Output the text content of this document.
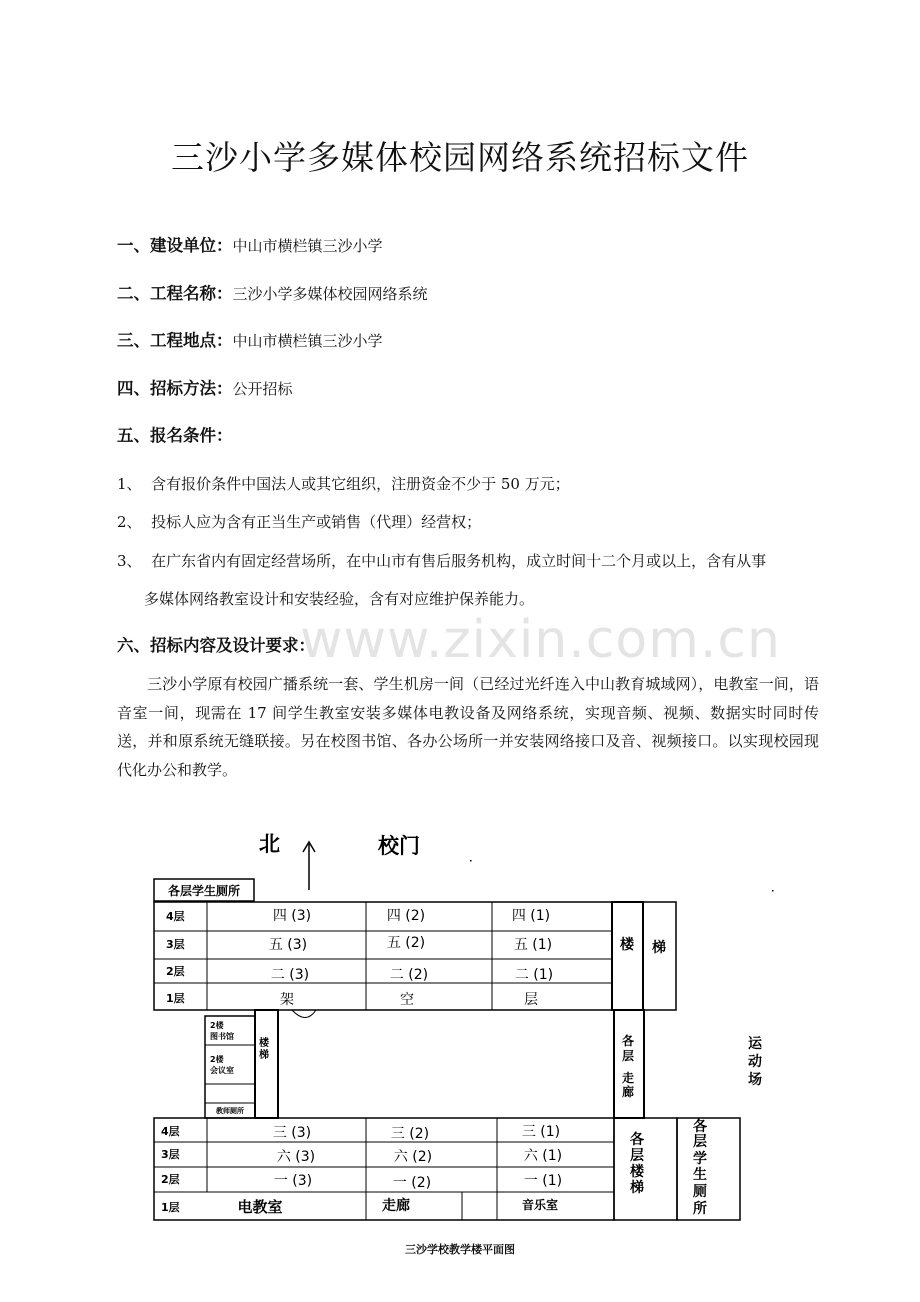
三沙小学多媒体校园网络系统招标文件
一、建设单位：中山市横栏镇三沙小学
二、工程名称：三沙小学多媒体校园网络系统
三、工程地点：中山市横栏镇三沙小学
四、招标方法：公开招标
五、报名条件：
1、 含有报价条件中国法人或其它组织，注册资金不少于 50 万元；
2、 投标人应为含有正当生产或销售（代理）经营权；
3、 在广东省内有固定经营场所，在中山市有售后服务机构，成立时间十二个月或以上，含有从事
多媒体网络教室设计和安装经验，含有对应维护保养能力。
www.zixin.com.cn
六、招标内容及设计要求：
三沙小学原有校园广播系统一套、学生机房一间（已经过光纤连入中山教育城域网），电教室一间，语音室一间，现需在 17 间学生教室安装多媒体电教设备及网络系统，实现音频、视频、数据实时同时传送，并和原系统无缝联接。另在校图书馆、各办公场所一并安装网络接口及音、视频接口。以实现校园现代化办公和教学。
北	校门
各层学生厕所
4层
3层
2层
1层
四 (3)	四 (2)	四 (1)
五 (3)	五 (2)	五 (1)
二 (3)	二 (2)	二 (1)
架	空	层
楼 梯
2楼
图书馆
2楼
会议室
教师厕所
楼
梯
各
层
走
廊
运
动
场
4层
3层
2层
1层
三 (3)	三 (2)	三 (1)
六 (3)	六 (2)	六 (1)
一 (3)	一 (2)	一 (1)
电教室	走廊	音乐室
各
层
楼
梯
各
层
学
生
厕
所
三沙学校教学楼平面图
